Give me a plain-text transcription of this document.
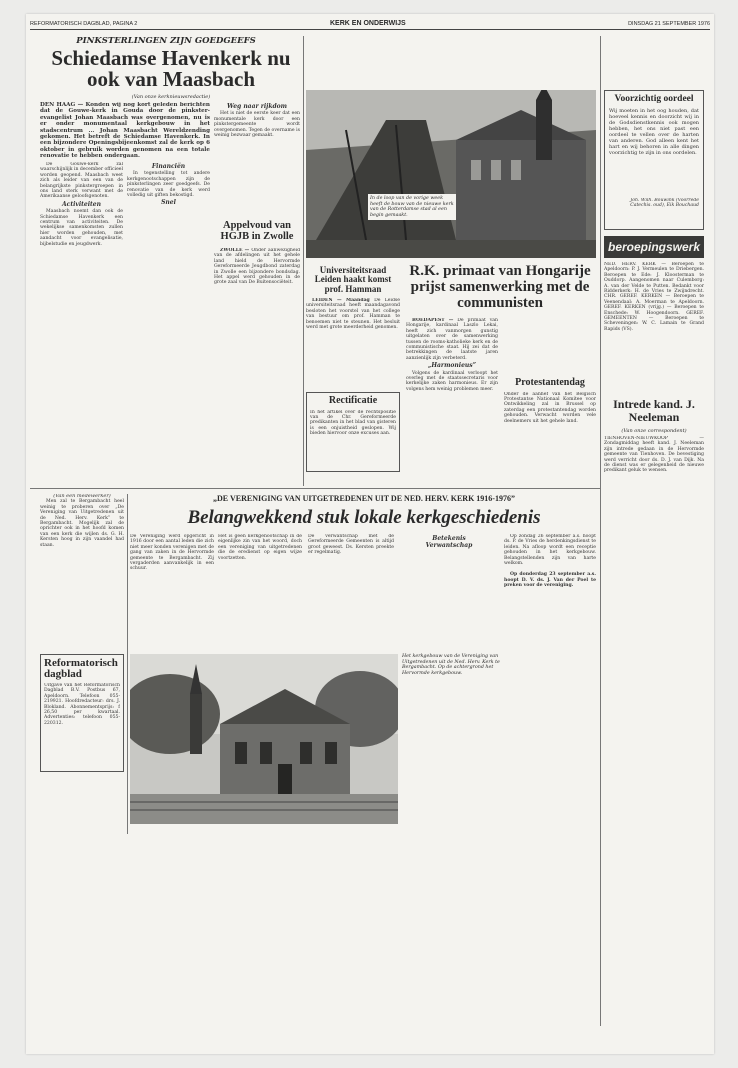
REFORMATORISCH DAGBLAD, PAGINA 2	KERK EN ONDERWIJS	DINSDAG 21 SEPTEMBER 1976
PINKSTERLINGEN ZIJN GOEDGEEFS
Schiedamse Havenkerk nu ook van Maasbach
(Van onze kerknieuwsredactie)
DEN HAAG — Konden wij nog kort geleden berichten dat de Gouwe-kerk in Gouda door de pinkster-evangelist Johan Maasbach was overgenomen, nu is er onder monumentaal kerkgebouw in het stadscentrum ... Johan Maasbacht Wereldzending gekomen. Het betreft de Schiedamse Havenkerk. In een bijzondere Openingsbijeenkomst zal de kerk op 6 oktober in gebruik worden genomen na een totale renovatie te hebben ondergaan.

De Gouwe-kerk zal waarschijnlijk in december officieel worden geopend. Maasbach weet zich als leider van een van de belangrijkste pinkstergroepen in ons land sterk verwant met de Amerikaanse geloofsgenoten.

Activiteiten

Maasbach noemt dan ook de Schiedamse Havenkerk een centrum van activiteiten. De wekelijkse samenkomsten zullen hier worden gehouden, met aandacht voor evangelisatie, bijbelstudie en jeugdwerk.

Financiën

In tegenstelling tot andere kerkgenootschappen zijn de pinksterlingen zeer goedgeefs. De renovatie van de kerk werd volledig uit giften bekostigd.

Snel
Weg naar rijkdom

Het is niet de eerste keer dat een monumentale kerk door een pinkstergemeente wordt overgenomen. Tegen de overname is weinig bezwaar gemaakt.

Appelvoud van HGJB in Zwolle

ZWOLLE — Onder aanwezigheid van de afdelingen uit het gehele land hield de Hervormde Gereformeerde Jeugdbond zaterdag in Zwolle een bijzondere bondsdag. Het appel werd gehouden in de grote zaal van De Buitensociëteit.

In de loop van de vorige week heeft de bouw van de nieuwe kerk van de Rotterdamse stad al een begin gemaakt.
Universiteitsraad Leiden haakt komst prof. Hamman

LEIDEN — Maandag De Leidse universiteitsraad heeft maandagavond besloten het voorstel van het college van bestuur om prof. Hamman te benoemen niet te steunen. Het besluit werd met grote meerderheid genomen.

Rectificatie
In het artikel over de rechtspositie van de Chr. Gereformeerde predikanten in het blad van gisteren is een onjuistheid geslopen. Wij bieden hiervoor onze excuses aan.
R.K. primaat van Hongarije prijst samenwerking met de communisten

BOEDAPEST — De primaat van Hongarije, kardinaal Laszlo Lekai, heeft zich vanmorgen gunstig uitgelaten over de samenwerking tussen de rooms-katholieke kerk en de communistische staat. Hij zei dat de betrekkingen de laatste jaren aanzienlijk zijn verbeterd.

„Harmonieus”

Volgens de kardinaal verloopt het overleg met de staatssecretaris voor kerkelijke zaken harmonieus. Er zijn volgens hem weinig problemen meer.

Protestantendag
Onder de aanhef van het Belgisch Protestantse Nationaal Komitee voor Ontwikkeling zal in Brussel op zaterdag een protestantendag worden gehouden. Verwacht worden vele deelnemers uit het gehele land.
Voorzichtig oordeel
Wij moeten in het oog houden, dat hoeveel kennis en doorzicht wij in de Godsdienstkennis ook mogen hebben, het ons niet past een oordeel te vellen over de harten van anderen. God alleen kent het hart en wij behoren in alle dingen voorzichtig te zijn in ons oordelen.
Joh. Wilh. Bouwink (Voorrede Catechis. oud), Eik Bouchaud
beroepingswerk
NED. HERV. KERK — Beroepen te Apeldoorn: P. J. Vermeulen te Driebergen. Beroepen te Ede: J. Kloosterman te Ouddorp. Aangenomen naar Culemborg: A. van der Velde te Putten. Bedankt voor Ridderkerk: H. de Vries te Zwijndrecht. CHR. GEREF. KERKEN — Beroepen te Veenendaal: A. Moerman te Apeldoorn. GEREF. KERKEN (vrijg.) — Beroepen te Enschede: W. Hoogendoorn. GEREF. GEMEENTEN — Beroepen te Scheveningen: W. C. Lamain te Grand Rapids (VS).
Intrede kand. J. Neeleman
(Van onze correspondent)
TIENHOVEN-NIEUWKOOP — Zondagmiddag heeft kand. J. Neeleman zijn intrede gedaan in de Hervormde gemeente van Tienhoven. De bevestiging werd verricht door ds. D. J. van Dijk. Na de dienst was er gelegenheid de nieuwe predikant geluk te wensen.
(Van een medewerker)

Men zal te Bergambacht heel weinig te proberen over „De Vereniging van Uitgetredenen uit de Ned. Herv. Kerk” te Bergambacht. Mogelijk zal de oprichter ook in het hoofd komen van een kerk die wijlen ds. G. H. Kersten hoog in zijn vaandel had staan.

„DE VERENIGING VAN UITGETREDENEN UIT DE NED. HERV. KERK 1916-1976”
Belangwekkend stuk lokale kerkgeschiedenis
De Vereniging werd opgericht in 1916 door een aantal leden die zich niet meer konden verenigen met de gang van zaken in de Hervormde gemeente te Bergambacht. Zij vergaderden aanvankelijk in een schuur.
Het is geen kerkgenootschap in de eigenlijke zin van het woord, doch een vereniging van uitgetredenen die de eredienst op eigen wijze voortzetten.
De verwantschap met de Gereformeerde Gemeenten is altijd groot geweest. Ds. Kersten preekte er regelmatig.
Het kerkgebouw van de Vereniging van Uitgetredenen uit de Ned. Herv. Kerk te Bergambacht. Op de achtergrond het Hervormde kerkgebouw.
Betekenis
Verwantschap

Op zondag 26 september a.s. hoopt ds. P. de Vries de herdenkingsdienst te leiden. Na afloop wordt een receptie gehouden in het kerkgebouw. Belangstellenden zijn van harte welkom.

Op donderdag 23 september a.s. hoopt D. V. ds. J. Van der Poel te preken voor de vereniging.

Reformatorisch dagblad
Uitgave van het Reformatorisch Dagblad B.V. Postbus 67, Apeldoorn. Telefoon 055-219921. Hoofdredacteur: drs. J. Blokland. Abonnementsprijs: f 26,50 per kwartaal. Advertenties: telefoon 055-220312.
